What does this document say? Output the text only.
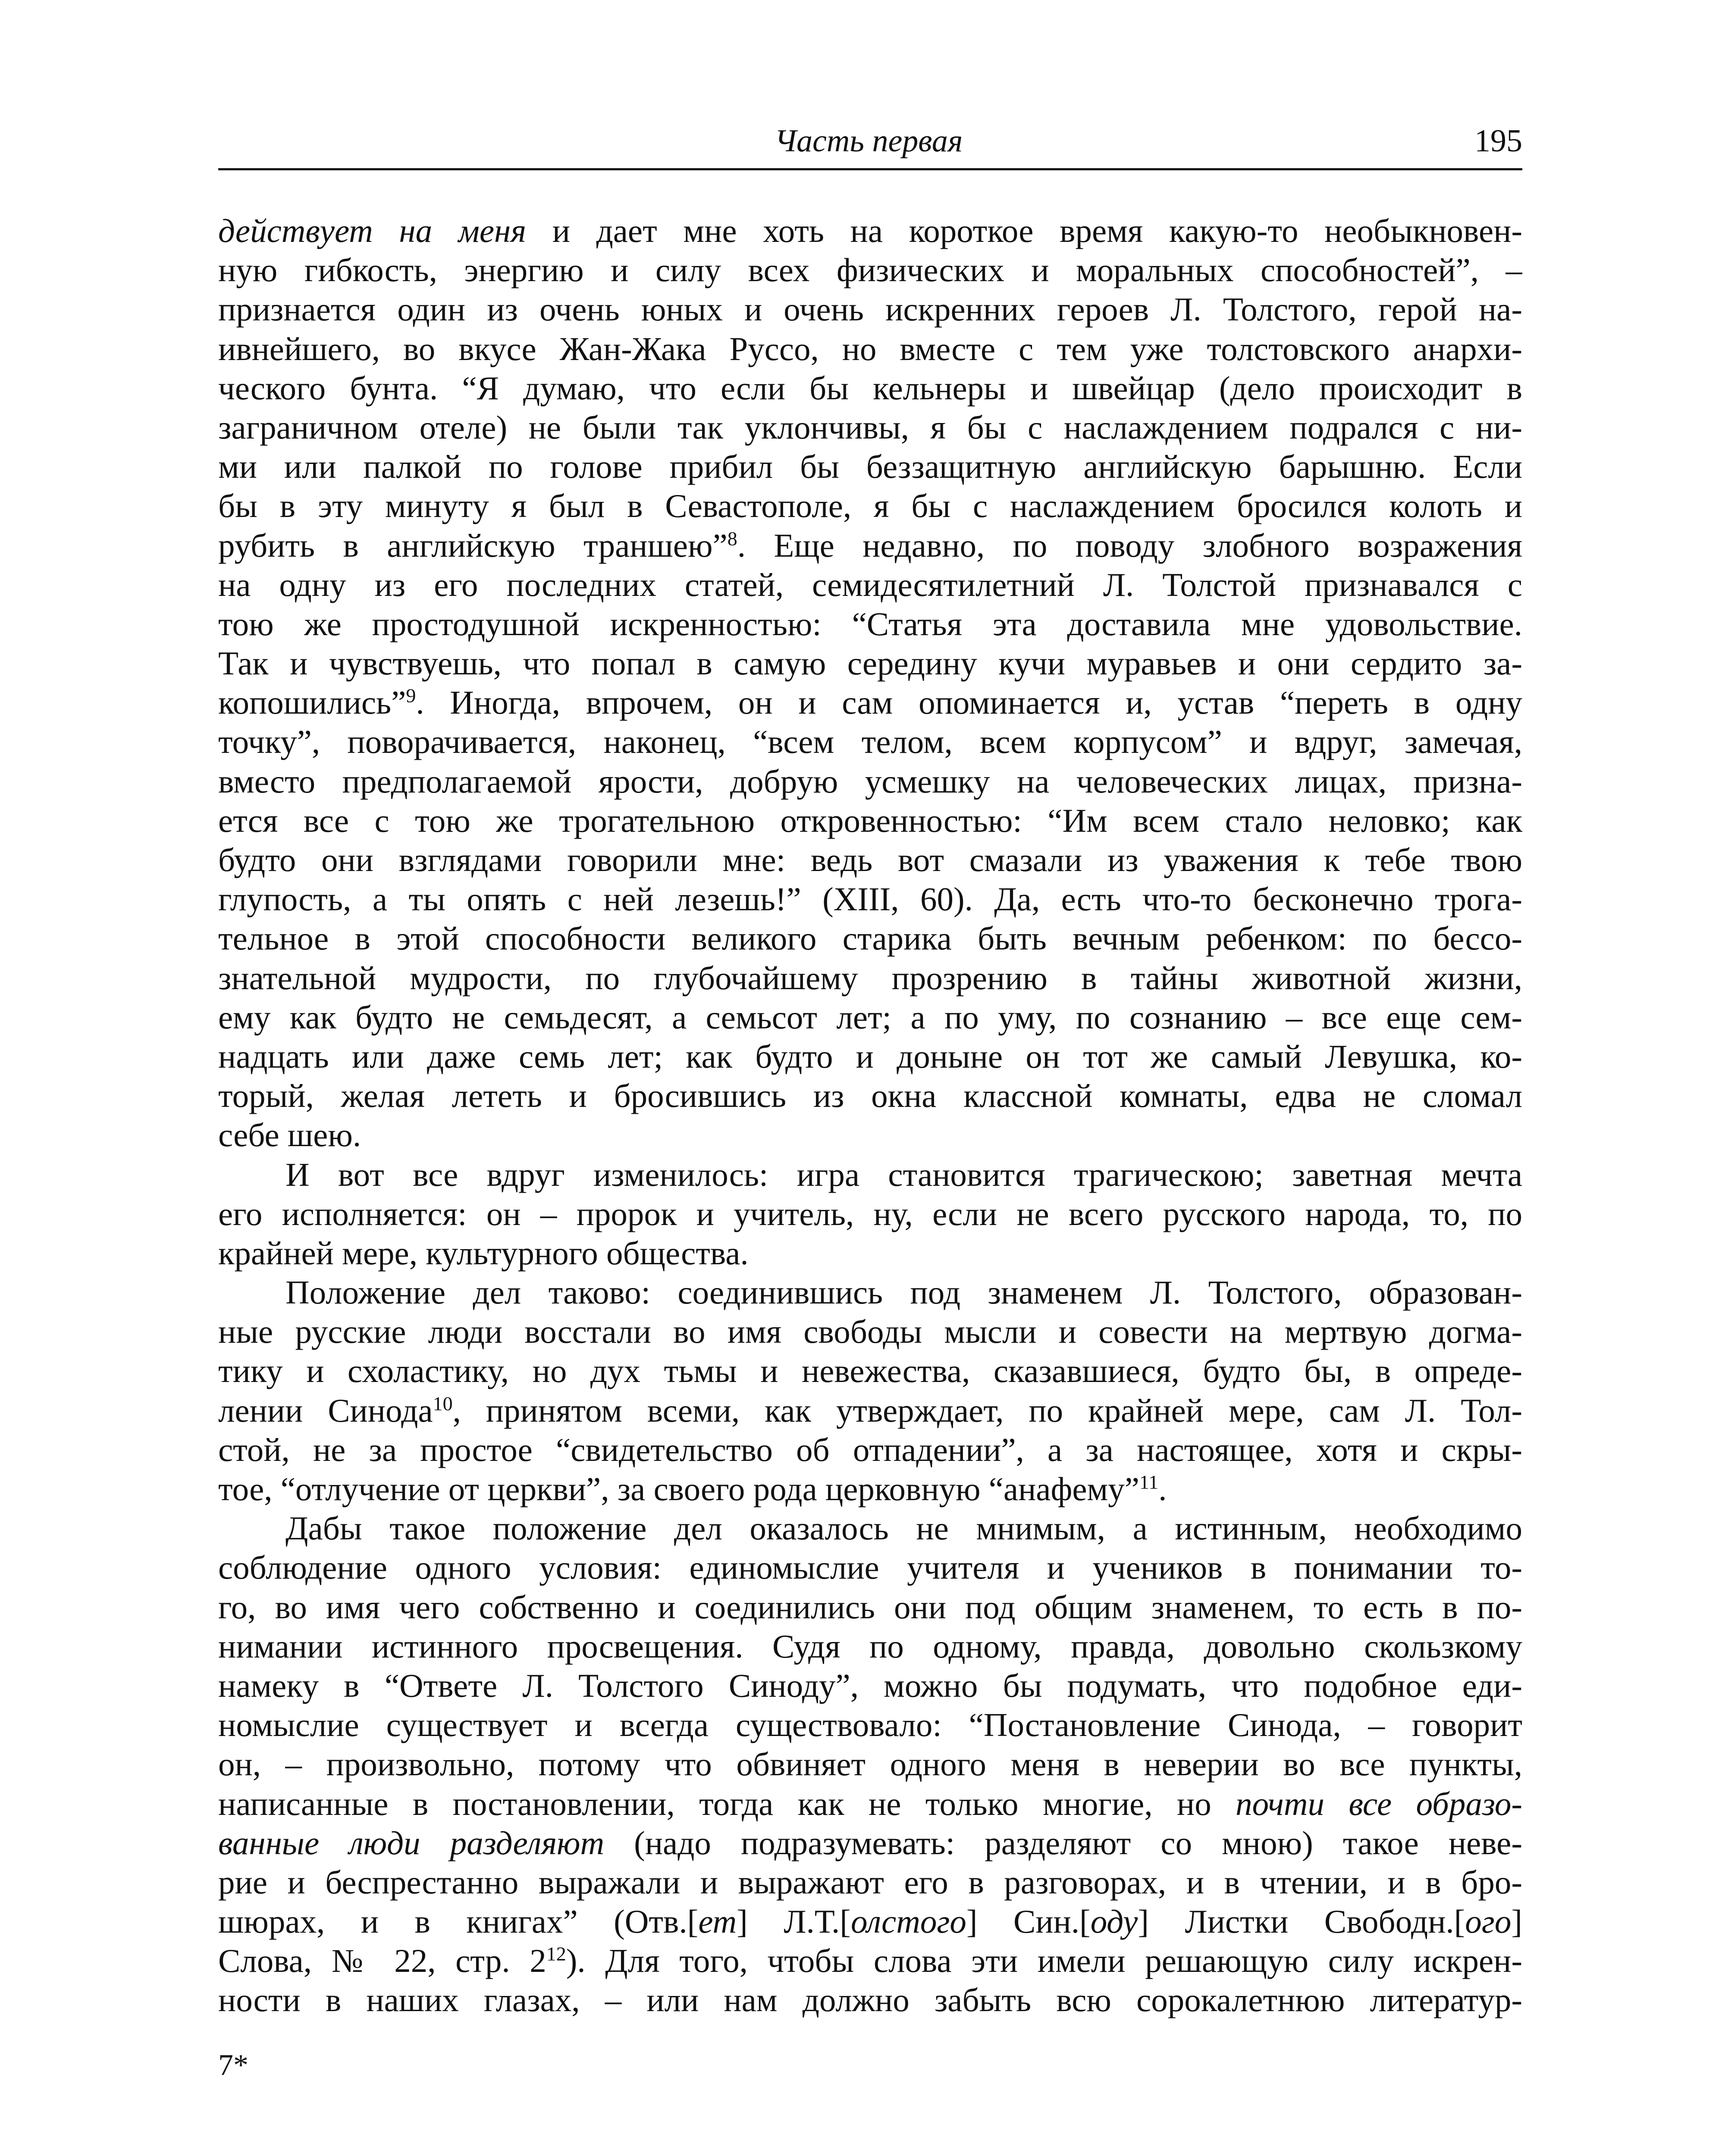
Часть первая	195
действует на меня и дает мне хоть на короткое время какую-то необыкновен-
ную гибкость, энергию и силу всех физических и моральных способностей”, –
признается один из очень юных и очень искренних героев Л. Толстого, герой на-
ивнейшего, во вкусе Жан-Жака Руссо, но вместе с тем уже толстовского анархи-
ческого бунта. “Я думаю, что если бы кельнеры и швейцар (дело происходит в
заграничном отеле) не были так уклончивы, я бы с наслаждением подрался с ни-
ми или палкой по голове прибил бы беззащитную английскую барышню. Если
бы в эту минуту я был в Севастополе, я бы с наслаждением бросился колоть и
рубить в английскую траншею”$^8$. Еще недавно, по поводу злобного возражения
на одну из его последних статей, семидесятилетний Л. Толстой признавался с
тою же простодушной искренностью: “Статья эта доставила мне удовольствие.
Так и чувствуешь, что попал в самую середину кучи муравьев и они сердито за-
копошились”$^9$. Иногда, впрочем, он и сам опоминается и, устав “переть в одну
точку”, поворачивается, наконец, “всем телом, всем корпусом” и вдруг, замечая,
вместо предполагаемой ярости, добрую усмешку на человеческих лицах, призна-
ется все с тою же трогательною откровенностью: “Им всем стало неловко; как
будто они взглядами говорили мне: ведь вот смазали из уважения к тебе твою
глупость, а ты опять с ней лезешь!” (XIII, 60). Да, есть что-то бесконечно трога-
тельное в этой способности великого старика быть вечным ребенком: по бессо-
знательной мудрости, по глубочайшему прозрению в тайны животной жизни,
ему как будто не семьдесят, а семьсот лет; а по уму, по сознанию – все еще сем-
надцать или даже семь лет; как будто и доныне он тот же самый Левушка, ко-
торый, желая лететь и бросившись из окна классной комнаты, едва не сломал
себе шею.
И вот все вдруг изменилось: игра становится трагическою; заветная мечта
его исполняется: он – пророк и учитель, ну, если не всего русского народа, то, по
крайней мере, культурного общества.
Положение дел таково: соединившись под знаменем Л. Толстого, образован-
ные русские люди восстали во имя свободы мысли и совести на мертвую догма-
тику и схоластику, но дух тьмы и невежества, сказавшиеся, будто бы, в опреде-
лении Синода$^{10}$, принятом всеми, как утверждает, по крайней мере, сам Л. Тол-
стой, не за простое “свидетельство об отпадении”, а за настоящее, хотя и скры-
тое, “отлучение от церкви”, за своего рода церковную “анафему”$^{11}$.
Дабы такое положение дел оказалось не мнимым, а истинным, необходимо
соблюдение одного условия: единомыслие учителя и учеников в понимании то-
го, во имя чего собственно и соединились они под общим знаменем, то есть в по-
нимании истинного просвещения. Судя по одному, правда, довольно скользкому
намеку в “Ответе Л. Толстого Синоду”, можно бы подумать, что подобное еди-
номыслие существует и всегда существовало: “Постановление Синода, – говорит
он, – произвольно, потому что обвиняет одного меня в неверии во все пункты,
написанные в постановлении, тогда как не только многие, но почти все образо-
ванные люди разделяют (надо подразумевать: разделяют со мною) такое неве-
рие и беспрестанно выражали и выражают его в разговорах, и в чтении, и в бро-
шюрах, и в книгах” (Отв.[ет] Л.Т.[олстого] Син.[оду] Листки Свободн.[ого]
Слова, № 22, стр. $2^{12}$). Для того, чтобы слова эти имели решающую силу искрен-
ности в наших глазах, – или нам должно забыть всю сорокалетнюю литератур-
7*
